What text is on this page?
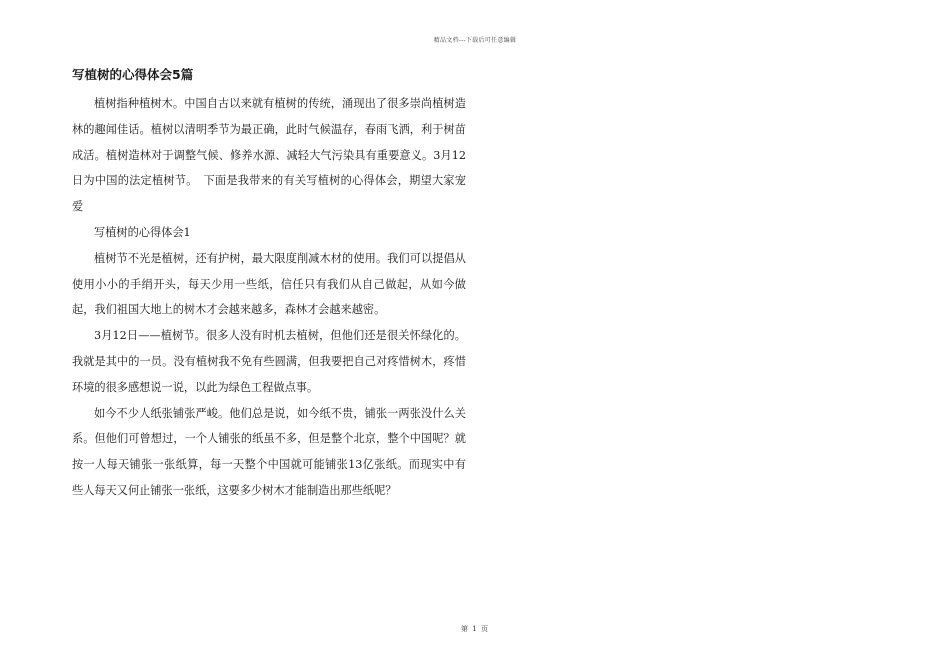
精品文档---下载后可任意编辑
写植树的心得体会5篇

植树指种植树木。中国自古以来就有植树的传统，涌现出了很多崇尚植树造林的趣闻佳话。植树以清明季节为最正确，此时气候温存，春雨飞洒，利于树苗成活。植树造林对于调整气候、修养水源、减轻大气污染具有重要意义。3月12日为中国的法定植树节。　下面是我带来的有关写植树的心得体会，期望大家宠爱

写植树的心得体会1

植树节不光是植树，还有护树，最大限度削减木材的使用。我们可以提倡从使用小小的手绢开头，每天少用一些纸，信任只有我们从自己做起，从如今做起，我们祖国大地上的树木才会越来越多，森林才会越来越密。

3月12日——植树节。很多人没有时机去植树，但他们还是很关怀绿化的。我就是其中的一员。没有植树我不免有些圆满，但我要把自己对疼惜树木，疼惜环境的很多感想说一说，以此为绿色工程做点事。

如今不少人纸张铺张严峻。他们总是说，如今纸不贵，铺张一两张没什么关系。但他们可曾想过，一个人铺张的纸虽不多，但是整个北京，整个中国呢？就按一人每天铺张一张纸算，每一天整个中国就可能铺张13亿张纸。而现实中有些人每天又何止铺张一张纸，这要多少树木才能制造出那些纸呢？

第 1 页
